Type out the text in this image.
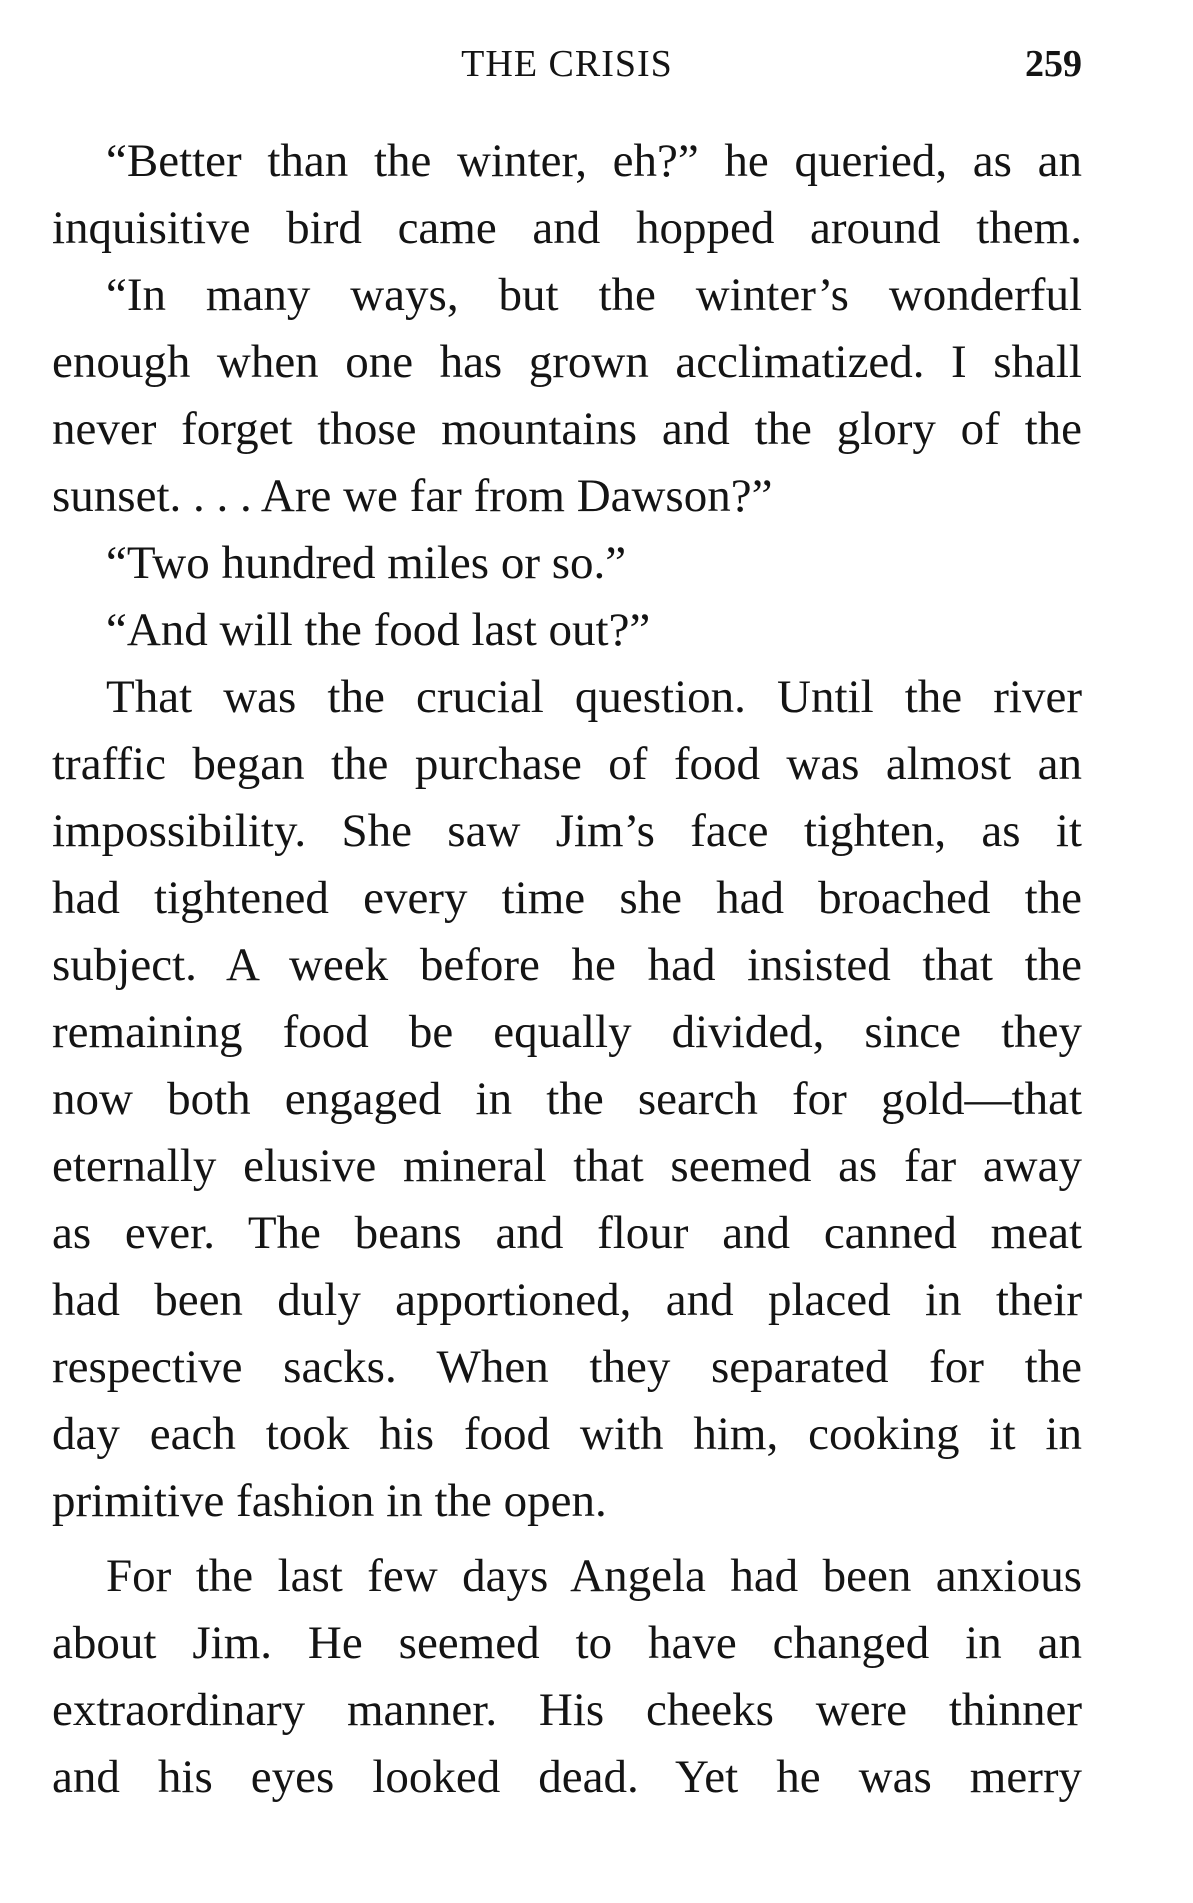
THE CRISIS	259
“Better than the winter, eh?” he queried, as an
inquisitive bird came and hopped around them.
“In many ways, but the winter’s wonderful
enough when one has grown acclimatized. I shall
never forget those mountains and the glory of the
sunset. . . . Are we far from Dawson?”
“Two hundred miles or so.”
“And will the food last out?”
That was the crucial question. Until the river
traffic began the purchase of food was almost an
impossibility. She saw Jim’s face tighten, as it
had tightened every time she had broached the
subject. A week before he had insisted that the
remaining food be equally divided, since they
now both engaged in the search for gold—that
eternally elusive mineral that seemed as far away
as ever. The beans and flour and canned meat
had been duly apportioned, and placed in their
respective sacks. When they separated for the
day each took his food with him, cooking it in
primitive fashion in the open.
For the last few days Angela had been anxious
about Jim. He seemed to have changed in an
extraordinary manner. His cheeks were thinner
and his eyes looked dead. Yet he was merry
